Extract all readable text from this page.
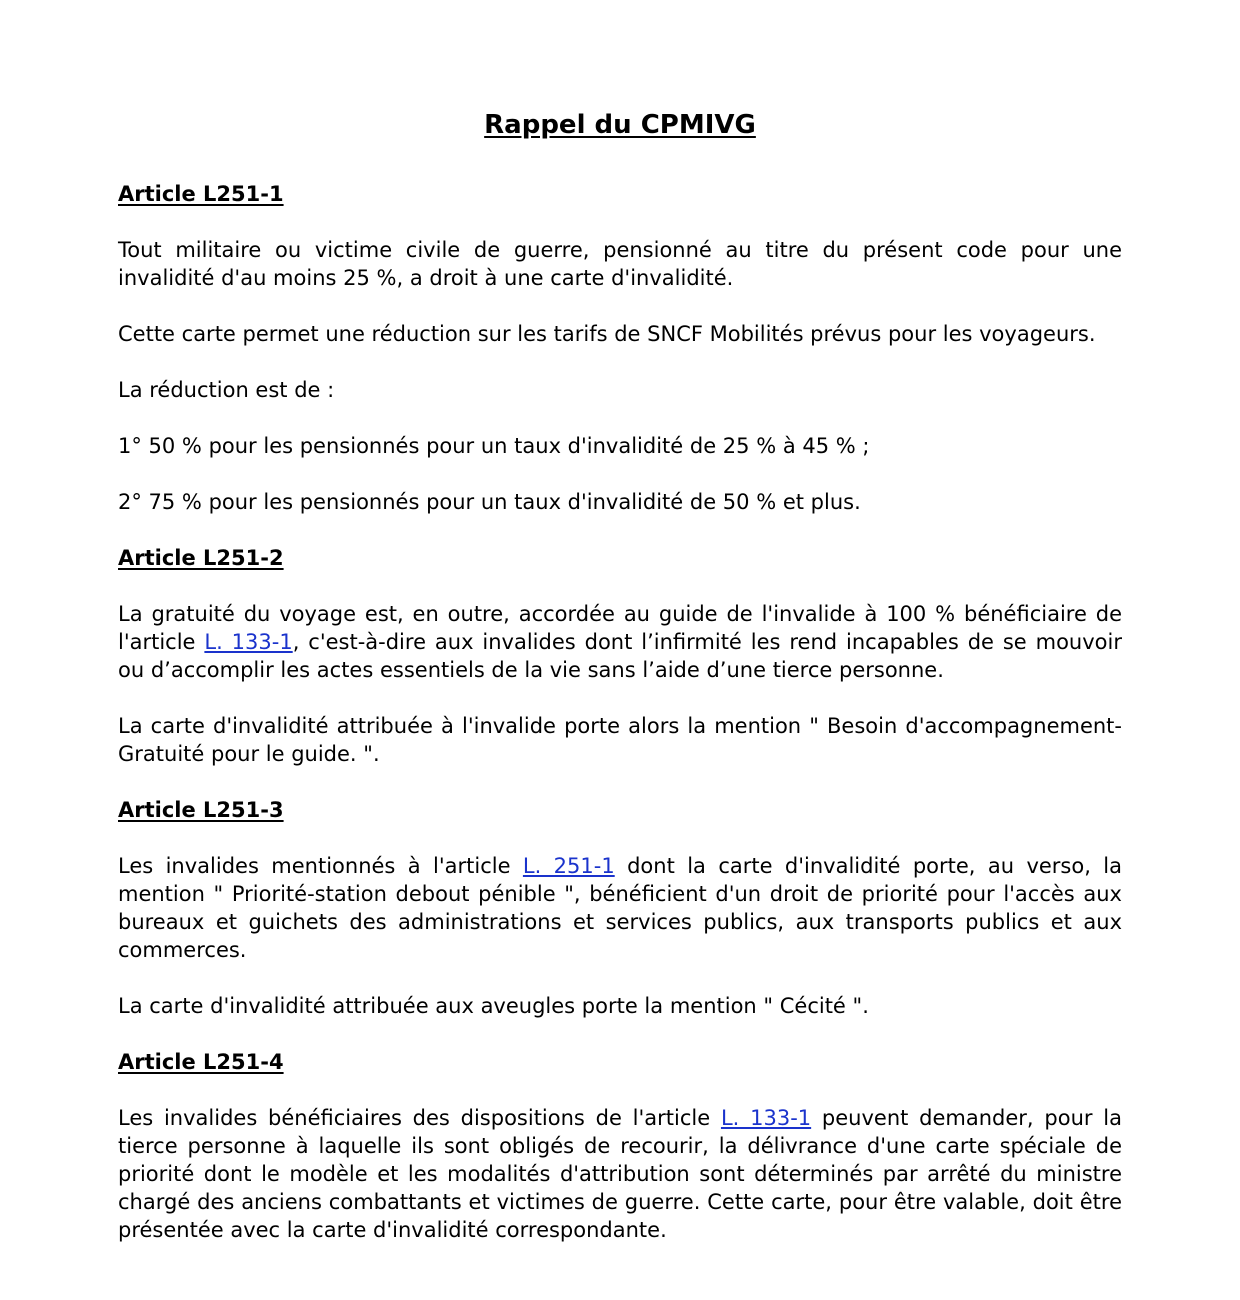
Rappel du CPMIVG
Article L251-1
Tout militaire ou victime civile de guerre, pensionné au titre du présent code pour une invalidité d'au moins 25 %, a droit à une carte d'invalidité.
Cette carte permet une réduction sur les tarifs de SNCF Mobilités prévus pour les voyageurs.
La réduction est de :
1° 50 % pour les pensionnés pour un taux d'invalidité de 25 % à 45 % ;
2° 75 % pour les pensionnés pour un taux d'invalidité de 50 % et plus.
Article L251-2
La gratuité du voyage est, en outre, accordée au guide de l'invalide à 100 % bénéficiaire de l'article L. 133-1, c'est-à-dire aux invalides dont l’infirmité les rend incapables de se mouvoir ou d’accomplir les actes essentiels de la vie sans l’aide d’une tierce personne.
La carte d'invalidité attribuée à l'invalide porte alors la mention " Besoin d'accompagnement-Gratuité pour le guide. ".
Article L251-3
Les invalides mentionnés à l'article L. 251-1 dont la carte d'invalidité porte, au verso, la mention " Priorité-station debout pénible ", bénéficient d'un droit de priorité pour l'accès aux bureaux et guichets des administrations et services publics, aux transports publics et aux commerces.
La carte d'invalidité attribuée aux aveugles porte la mention " Cécité ".
Article L251-4
Les invalides bénéficiaires des dispositions de l'article L. 133-1 peuvent demander, pour la tierce personne à laquelle ils sont obligés de recourir, la délivrance d'une carte spéciale de priorité dont le modèle et les modalités d'attribution sont déterminés par arrêté du ministre chargé des anciens combattants et victimes de guerre. Cette carte, pour être valable, doit être présentée avec la carte d'invalidité correspondante.
